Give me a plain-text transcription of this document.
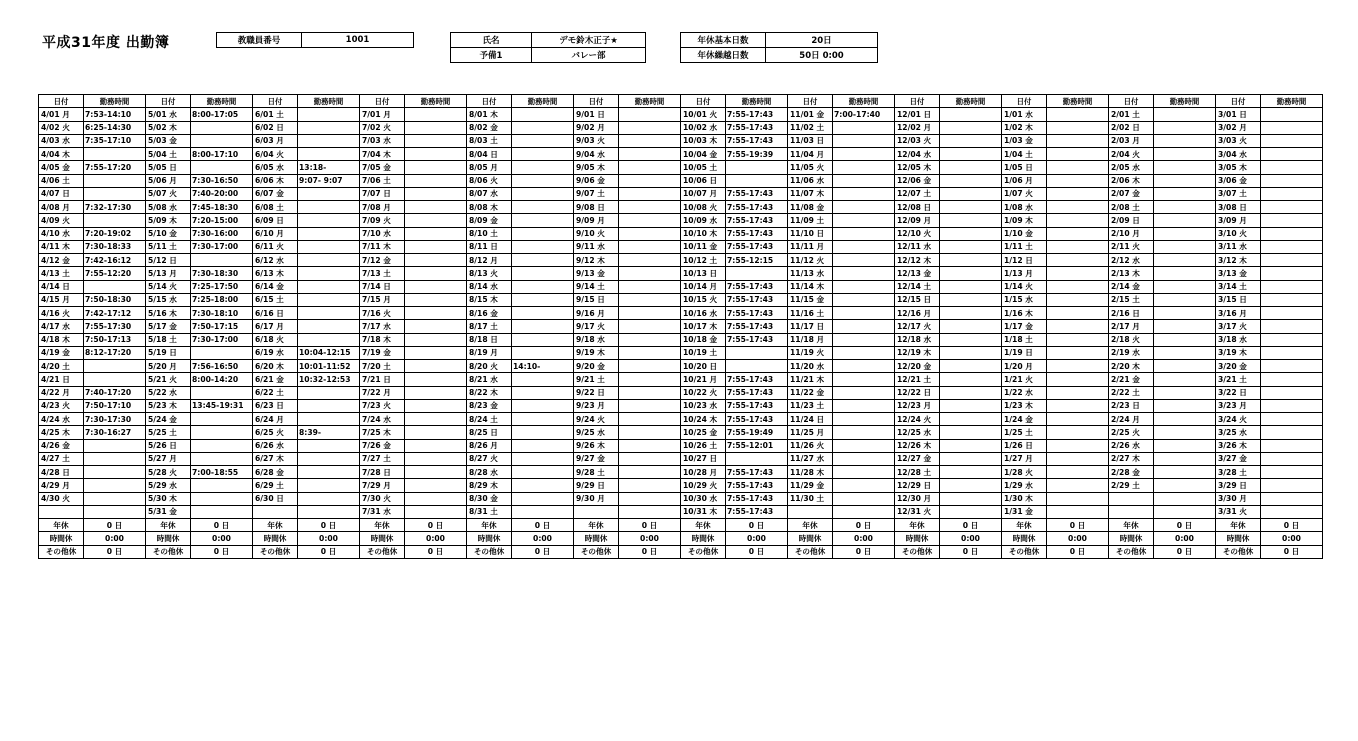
平成31年度 出勤簿	教職員番号	1001	氏名	デモ鈴木正子★
予備1	バレー部
年休基本日数	20日
年休繰越日数	50日 0:00
日付	勤務時間	日付	勤務時間	日付	勤務時間	日付	勤務時間	日付	勤務時間	日付	勤務時間	日付	勤務時間	日付	勤務時間	日付	勤務時間	日付	勤務時間	日付	勤務時間	日付	勤務時間
4/01 月	7:53-14:10	5/01 水	8:00-17:05	6/01 土		7/01 月		8/01 木		9/01 日		10/01 火	7:55-17:43	11/01 金	7:00-17:40	12/01 日		1/01 水		2/01 土		3/01 日	
4/02 火	6:25-14:30	5/02 木		6/02 日		7/02 火		8/02 金		9/02 月		10/02 水	7:55-17:43	11/02 土		12/02 月		1/02 木		2/02 日		3/02 月	
4/03 水	7:35-17:10	5/03 金		6/03 月		7/03 水		8/03 土		9/03 火		10/03 木	7:55-17:43	11/03 日		12/03 火		1/03 金		2/03 月		3/03 火	
4/04 木		5/04 土	8:00-17:10	6/04 火		7/04 木		8/04 日		9/04 水		10/04 金	7:55-19:39	11/04 月		12/04 水		1/04 土		2/04 火		3/04 水	
4/05 金	7:55-17:20	5/05 日		6/05 水	13:18-	7/05 金		8/05 月		9/05 木		10/05 土		11/05 火		12/05 木		1/05 日		2/05 水		3/05 木	
4/06 土		5/06 月	7:30-16:50	6/06 木	9:07- 9:07	7/06 土		8/06 火		9/06 金		10/06 日		11/06 水		12/06 金		1/06 月		2/06 木		3/06 金	
4/07 日		5/07 火	7:40-20:00	6/07 金		7/07 日		8/07 水		9/07 土		10/07 月	7:55-17:43	11/07 木		12/07 土		1/07 火		2/07 金		3/07 土	
4/08 月	7:32-17:30	5/08 水	7:45-18:30	6/08 土		7/08 月		8/08 木		9/08 日		10/08 火	7:55-17:43	11/08 金		12/08 日		1/08 水		2/08 土		3/08 日	
4/09 火		5/09 木	7:20-15:00	6/09 日		7/09 火		8/09 金		9/09 月		10/09 水	7:55-17:43	11/09 土		12/09 月		1/09 木		2/09 日		3/09 月	
4/10 水	7:20-19:02	5/10 金	7:30-16:00	6/10 月		7/10 水		8/10 土		9/10 火		10/10 木	7:55-17:43	11/10 日		12/10 火		1/10 金		2/10 月		3/10 火	
4/11 木	7:30-18:33	5/11 土	7:30-17:00	6/11 火		7/11 木		8/11 日		9/11 水		10/11 金	7:55-17:43	11/11 月		12/11 水		1/11 土		2/11 火		3/11 水	
4/12 金	7:42-16:12	5/12 日		6/12 水		7/12 金		8/12 月		9/12 木		10/12 土	7:55-12:15	11/12 火		12/12 木		1/12 日		2/12 水		3/12 木	
4/13 土	7:55-12:20	5/13 月	7:30-18:30	6/13 木		7/13 土		8/13 火		9/13 金		10/13 日		11/13 水		12/13 金		1/13 月		2/13 木		3/13 金	
4/14 日		5/14 火	7:25-17:50	6/14 金		7/14 日		8/14 水		9/14 土		10/14 月	7:55-17:43	11/14 木		12/14 土		1/14 火		2/14 金		3/14 土	
4/15 月	7:50-18:30	5/15 水	7:25-18:00	6/15 土		7/15 月		8/15 木		9/15 日		10/15 火	7:55-17:43	11/15 金		12/15 日		1/15 水		2/15 土		3/15 日	
4/16 火	7:42-17:12	5/16 木	7:30-18:10	6/16 日		7/16 火		8/16 金		9/16 月		10/16 水	7:55-17:43	11/16 土		12/16 月		1/16 木		2/16 日		3/16 月	
4/17 水	7:55-17:30	5/17 金	7:50-17:15	6/17 月		7/17 水		8/17 土		9/17 火		10/17 木	7:55-17:43	11/17 日		12/17 火		1/17 金		2/17 月		3/17 火	
4/18 木	7:50-17:13	5/18 土	7:30-17:00	6/18 火		7/18 木		8/18 日		9/18 水		10/18 金	7:55-17:43	11/18 月		12/18 水		1/18 土		2/18 火		3/18 水	
4/19 金	8:12-17:20	5/19 日		6/19 水	10:04-12:15	7/19 金		8/19 月		9/19 木		10/19 土		11/19 火		12/19 木		1/19 日		2/19 水		3/19 木	
4/20 土		5/20 月	7:56-16:50	6/20 木	10:01-11:52	7/20 土		8/20 火	14:10-	9/20 金		10/20 日		11/20 水		12/20 金		1/20 月		2/20 木		3/20 金	
4/21 日		5/21 火	8:00-14:20	6/21 金	10:32-12:53	7/21 日		8/21 水		9/21 土		10/21 月	7:55-17:43	11/21 木		12/21 土		1/21 火		2/21 金		3/21 土	
4/22 月	7:40-17:20	5/22 水		6/22 土		7/22 月		8/22 木		9/22 日		10/22 火	7:55-17:43	11/22 金		12/22 日		1/22 水		2/22 土		3/22 日	
4/23 火	7:50-17:10	5/23 木	13:45-19:31	6/23 日		7/23 火		8/23 金		9/23 月		10/23 水	7:55-17:43	11/23 土		12/23 月		1/23 木		2/23 日		3/23 月	
4/24 水	7:30-17:30	5/24 金		6/24 月		7/24 水		8/24 土		9/24 火		10/24 木	7:55-17:43	11/24 日		12/24 火		1/24 金		2/24 月		3/24 火	
4/25 木	7:30-16:27	5/25 土		6/25 火	8:39-	7/25 木		8/25 日		9/25 水		10/25 金	7:55-19:49	11/25 月		12/25 水		1/25 土		2/25 火		3/25 水	
4/26 金		5/26 日		6/26 水		7/26 金		8/26 月		9/26 木		10/26 土	7:55-12:01	11/26 火		12/26 木		1/26 日		2/26 水		3/26 木	
4/27 土		5/27 月		6/27 木		7/27 土		8/27 火		9/27 金		10/27 日		11/27 水		12/27 金		1/27 月		2/27 木		3/27 金	
4/28 日		5/28 火	7:00-18:55	6/28 金		7/28 日		8/28 水		9/28 土		10/28 月	7:55-17:43	11/28 木		12/28 土		1/28 火		2/28 金		3/28 土	
4/29 月		5/29 水		6/29 土		7/29 月		8/29 木		9/29 日		10/29 火	7:55-17:43	11/29 金		12/29 日		1/29 水		2/29 土		3/29 日	
4/30 火		5/30 木		6/30 日		7/30 火		8/30 金		9/30 月		10/30 水	7:55-17:43	11/30 土		12/30 月		1/30 木				3/30 月	
		5/31 金				7/31 水		8/31 土				10/31 木	7:55-17:43			12/31 火		1/31 金				3/31 火	
年休	0 日	年休	0 日	年休	0 日	年休	0 日	年休	0 日	年休	0 日	年休	0 日	年休	0 日	年休	0 日	年休	0 日	年休	0 日	年休	0 日
時間休	0:00	時間休	0:00	時間休	0:00	時間休	0:00	時間休	0:00	時間休	0:00	時間休	0:00	時間休	0:00	時間休	0:00	時間休	0:00	時間休	0:00	時間休	0:00
その他休	0 日	その他休	0 日	その他休	0 日	その他休	0 日	その他休	0 日	その他休	0 日	その他休	0 日	その他休	0 日	その他休	0 日	その他休	0 日	その他休	0 日	その他休	0 日
